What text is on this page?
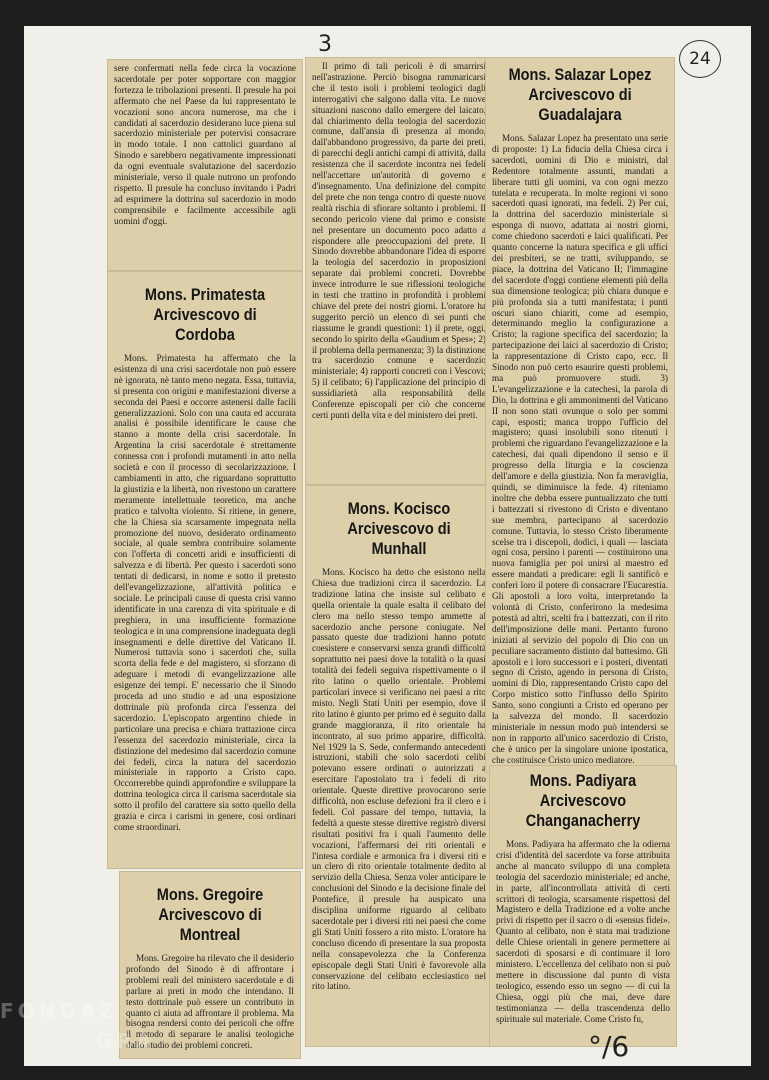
3
24

sere confermati nella fede circa la vocazione sacerdotale per poter sopportare con maggior fortezza le tribolazioni presenti. Il presule ha poi affermato che nel Paese da lui rappresentato le vocazioni sono ancora numerose, ma che i candidati al sacerdozio desiderano luce piena sul sacerdozio ministeriale per potervisi consacrare in modo totale. I non cattolici guardano al Sinodo e sarebbero negativamente impressionati da ogni eventuale svalutazione del sacerdozio ministeriale, verso il quale nutrono un profondo rispetto. Il presule ha concluso invitando i Padri ad esprimere la dottrina sul sacerdozio in modo comprensibile e facilmente accessibile agli uomini d'oggi.

Mons. Primatesta
Arcivescovo di Cordoba

Mons. Primatesta ha affermato che la esistenza di una crisi sacerdotale non può essere nè ignorata, nè tanto meno negata. Essa, tuttavia, si presenta con origini e manifestazioni diverse a seconda dei Paesi e occorre astenersi dalle facili generalizzazioni. Solo con una cauta ed accurata analisi è possibile identificare le cause che stanno a monte della crisi sacerdotale. In Argentina la crisi sacerdotale è strettamente connessa con i profondi mutamenti in atto nella società e con il processo di secolarizzazione. I cambiamenti in atto, che riguardano soprattutto la giustizia e la libertà, non rivestono un carattere meramente intellettuale teoretico, ma anche pratico e talvolta violento. Si ritiene, in genere, che la Chiesa sia scarsamente impegnata nella promozione del nuovo, desiderato ordinamento sociale, al quale sembra contribuire solamente con l'offerta di concetti aridi e insufficienti di salvezza e di libertà. Per questo i sacerdoti sono tentati di dedicarsi, in nome e sotto il pretesto dell'evangelizzazione, all'attività politica e sociale. Le principali cause di questa crisi vanno identificate in una carenza di vita spirituale e di preghiera, in una insufficiente formazione teologica e in una comprensione inadeguata degli insegnamenti e delle direttive del Vaticano II. Numerosi tuttavia sono i sacerdoti che, sulla scorta della fede e del magistero, si sforzano di adeguare i metodi di evangelizzazione alle esigenze dei tempi. E' necessario che il Sinodo proceda ad uno studio e ad una esposizione dottrinale più profonda circa l'essenza del sacerdozio. L'episcopato argentino chiede in particolare una precisa e chiara trattazione circa l'essenza del sacerdozio ministeriale, circa la distinzione del medesimo dal sacerdozio comune dei fedeli, circa la natura del sacerdozio ministeriale in rapporto a Cristo capo. Occorrerebbe quindi approfondire e sviluppare la dottrina teologica circa il carisma sacerdotale sia sotto il profilo del carattere sia sotto quello della grazia e circa i carismi in genere, così ordinari come straordinari.

Mons. Gregoire
Arcivescovo di Montreal

Mons. Gregoire ha rilevato che il desiderio profondo del Sinodo è di affrontare i problemi reali del ministero sacerdotale e di parlare ai preti in modo che intendano. Il testo dottrinale può essere un contributo in quanto ci aiuta ad affrontare il problema. Ma bisogna rendersi conto dei pericoli che offre il metodo di separare le analisi teologiche dallo studio dei problemi concreti.

Il primo di tali pericoli è di smarrirsi nell'astrazione. Perciò bisogna rammaricarsi che il testo isoli i problemi teologici dagli interrogativi che salgono dalla vita. Le nuove situazioni nascono dallo emergere del laicato, dal chiarimento della teologia del sacerdozio comune, dall'ansia di presenza al mondo, dall'abbandono progressivo, da parte dei preti, di parecchi degli antichi campi di attività, dalla resistenza che il sacerdote incontra nei fedeli nell'accettare un'autorità di governo e d'insegnamento. Una definizione del compito del prete che non tenga contro di queste nuove realtà rischia di sfiorare soltanto i problemi. Il secondo pericolo viene dal primo e consiste nel presentare un documento poco adatto a rispondere alle preoccupazioni del prete. Il Sinodo dovrebbe abbandonare l'idea di esporre la teologia del sacerdozio in proposizioni separate dai problemi concreti. Dovrebbe invece introdurre le sue riflessioni teologiche in testi che trattino in profondità i problemi chiave del prete dei nostri giorni. L'oratore ha suggerito perciò un elenco di sei punti che riassume le grandi questioni: 1) il prete, oggi, secondo lo spirito della «Gaudium et Spes»; 2) il problema della permanenza; 3) la distinzione tra sacerdozio comune e sacerdozio ministeriale; 4) rapporti concreti con i Vescovi; 5) il celibato; 6) l'applicazione del principio di sussidiarietà alla responsabilità delle Conferenze episcopali per ciò che concerne certi punti della vita e del ministero dei preti.

Mons. Kocisco
Arcivescovo di Munhall

Mons. Kocisco ha detto che esistono nella Chiesa due tradizioni circa il sacerdozio. La tradizione latina che insiste sul celibato e quella orientale la quale esalta il celibato del clero ma nello stesso tempo ammette al sacerdozio anche persone coniugate. Nel passato queste due tradizioni hanno potuto coesistere e conservarsi senza grandi difficoltà soprattutto nei paesi dove la totalità o la quasi totalità dei fedeli seguiva rispettivamente o il rito latino o quello orientale. Problemi particolari invece si verificano nei paesi a rito misto. Negli Stati Uniti per esempio, dove il rito latino è giunto per primo ed è seguito dalla grande maggioranza, il rito orientale ha incontrato, al suo primo apparire, difficoltà. Nel 1929 la S. Sede, confermando antecedenti istruzioni, stabilì che solo sacerdoti celibi potevano essere ordinati o autorizzati a esercitare l'apostolato tra i fedeli di rito orientale. Queste direttive provocarono serie difficoltà, non escluse defezioni fra il clero e i fedeli. Col passare del tempo, tuttavia, la fedeltà a queste stesse direttive registrò diversi risultati positivi fra i quali l'aumento delle vocazioni, l'affermarsi dei riti orientali e l'intesa cordiale e armonica fra i diversi riti e un clero di rito orientale totalmente dedito al servizio della Chiesa. Senza voler anticipare le conclusioni del Sinodo e la decisione finale del Pontefice, il presule ha auspicato una disciplina uniforme riguardo al celibato sacerdotale per i diversi riti nei paesi che come gli Stati Uniti fossero a rito misto. L'oratore ha concluso dicendo di presentare la sua proposta nella consapevolezza che la Conferenza episcopale degli Stati Uniti è favorevole alla conservazione del celibato ecclesiastico nel rito latino.

Mons. Salazar Lopez
Arcivescovo di Guadalajara

Mons. Salazar Lopez ha presentato una serie di proposte: 1) La fiducia della Chiesa circa i sacerdoti, uomini di Dio e ministri, dal Redentore totalmente assunti, mandati a liberare tutti gli uomini, va con ogni mezzo tutelata e recuperata. In molte regioni vi sono sacerdoti quasi ignorati, ma fedeli. 2) Per cui, la dottrina del sacerdozio ministeriale si esponga di nuovo, adattata ai nostri giorni, come chiedono sacerdoti e laici qualificati. Per quanto concerne la natura specifica e gli uffici dei presbiteri, se ne tratti, sviluppando, se piace, la dottrina del Vaticano II; l'immagine del sacerdote d'oggi contiene elementi più della sua dimensione teologica; più chiara dunque e più profonda sia a tutti manifestata; i punti oscuri siano chiariti, come ad esempio, determinando meglio la configurazione a Cristo; la ragione specifica del sacerdozio; la partecipazione dei laici al sacerdozio di Cristo; la rappresentazione di Cristo capo, ecc. Il Sinodo non può certo esaurire questi problemi, ma può promuovere studi. 3) L'evangelizzazione e la catechesi, la parola di Dio, la dottrina e gli ammonimenti del Vaticano II non sono stati ovunque o solo per sommi capi, esposti; manca troppo l'ufficio del magistero; quasi insolubili sono ritenuti i problemi che riguardano l'evangelizzazione e la catechesi, dai quali dipendono il senso e il progresso della liturgia e la coscienza dell'amore e della giustizia. Non fa meraviglia, quindi, se diminuisce la fede. 4) riteniamo inoltre che debba essere puntualizzato che tutti i battezzati si rivestono di Cristo e diventano sue membra, partecipano al sacerdozio comune. Tuttavia, lo stesso Cristo liberamente scelse tra i discepoli, dodici, i quali — lasciata ogni cosa, persino i parenti — costituirono una nuova famiglia per poi unirsi al maestro ed essere mandati a predicare: egli li santificò e conferì loro il potere di consacrare l'Eucarestia. Gli apostoli a loro volta, interpretando la volontà di Cristo, conferirono la medesima potestà ad altri, scelti fra i battezzati, con il rito dell'imposizione delle mani. Pertanto furono iniziati al servizio del popolo di Dio con un peculiare sacramento distinto dal battesimo. Gli apostoli e i loro successori e i posteri, diventati segno di Cristo, agendo in persona di Cristo, uomini di Dio, rappresentando Cristo capo del Corpo mistico sotto l'influsso dello Spirito Santo, sono congiunti a Cristo ed operano per la salvezza del mondo. Il sacerdozio ministeriale in nessun modo può intendersi se non in rapporto all'unico sacerdozio di Cristo, che è unico per la singolare unione ipostatica, che costituisce Cristo unico mediatore.

Mons. Padiyara
Arcivescovo
Changanacherry

Mons. Padiyara ha affermato che la odierna crisi d'identità del sacerdote va forse attribuita anche al mancato sviluppo di una completa teologia del sacerdozio ministeriale; ed anche, in parte, all'incontrollata attività di certi scrittori di teologia, scarsamente rispettosi del Magistero e della Tradizione ed a volte anche privi di rispetto per il sacro o di «sensus fidei». Quanto al celibato, non è stata mai tradizione delle Chiese orientali in genere permettere ai sacerdoti di sposarsi e di continuare il loro ministero. L'eccellenza del celibato non si può mettere in discussione dal punto di vista teologico, essendo esso un segno — di cui la Chiesa, oggi più che mai, deve dare testimonianza — della trascendenza dello spirituale sul materiale. Come Cristo fu,

°/6
FONDAZ
GRA
